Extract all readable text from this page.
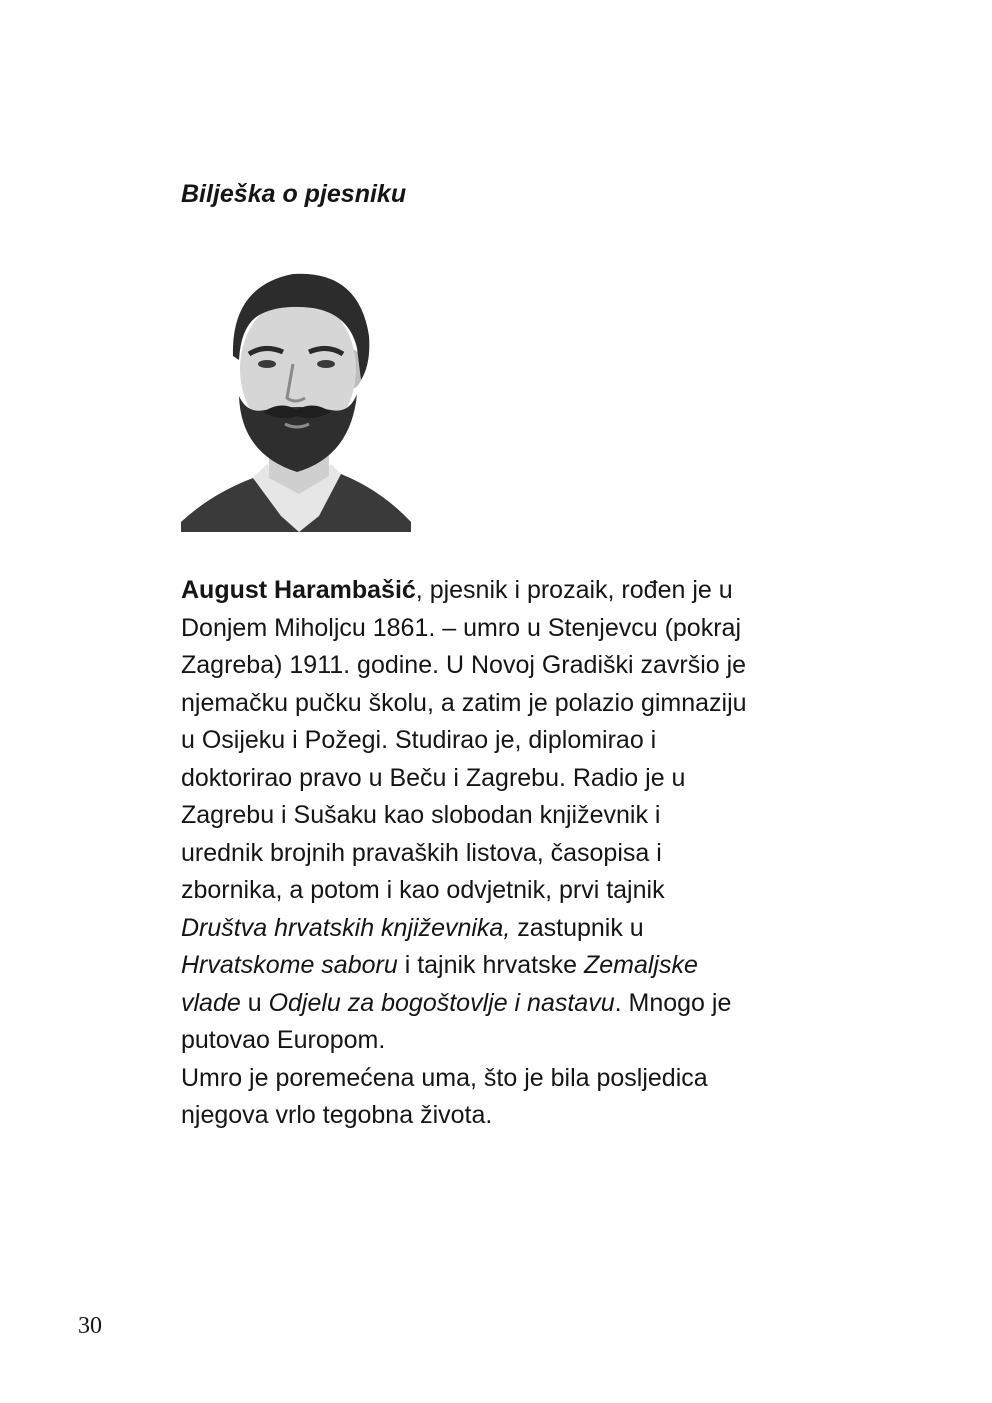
Bilješka o pjesniku

August Harambašić, pjesnik i prozaik, rođen je u
Donjem Miholjcu 1861. – umro u Stenjevcu (pokraj
Zagreba) 1911. godine. U Novoj Gradiški završio je
njemačku pučku školu, a zatim je polazio gimnaziju
u Osijeku i Požegi. Studirao je, diplomirao i
doktorirao pravo u Beču i Zagrebu. Radio je u
Zagrebu i Sušaku kao slobodan književnik i
urednik brojnih pravaških listova, časopisa i
zbornika, a potom i kao odvjetnik, prvi tajnik
Društva hrvatskih književnika, zastupnik u
Hrvatskome saboru i tajnik hrvatske Zemaljske
vlade u Odjelu za bogoštovlje i nastavu. Mnogo je
putovao Europom.

Umro je poremećena uma, što je bila posljedica
njegova vrlo tegobna života.

30
